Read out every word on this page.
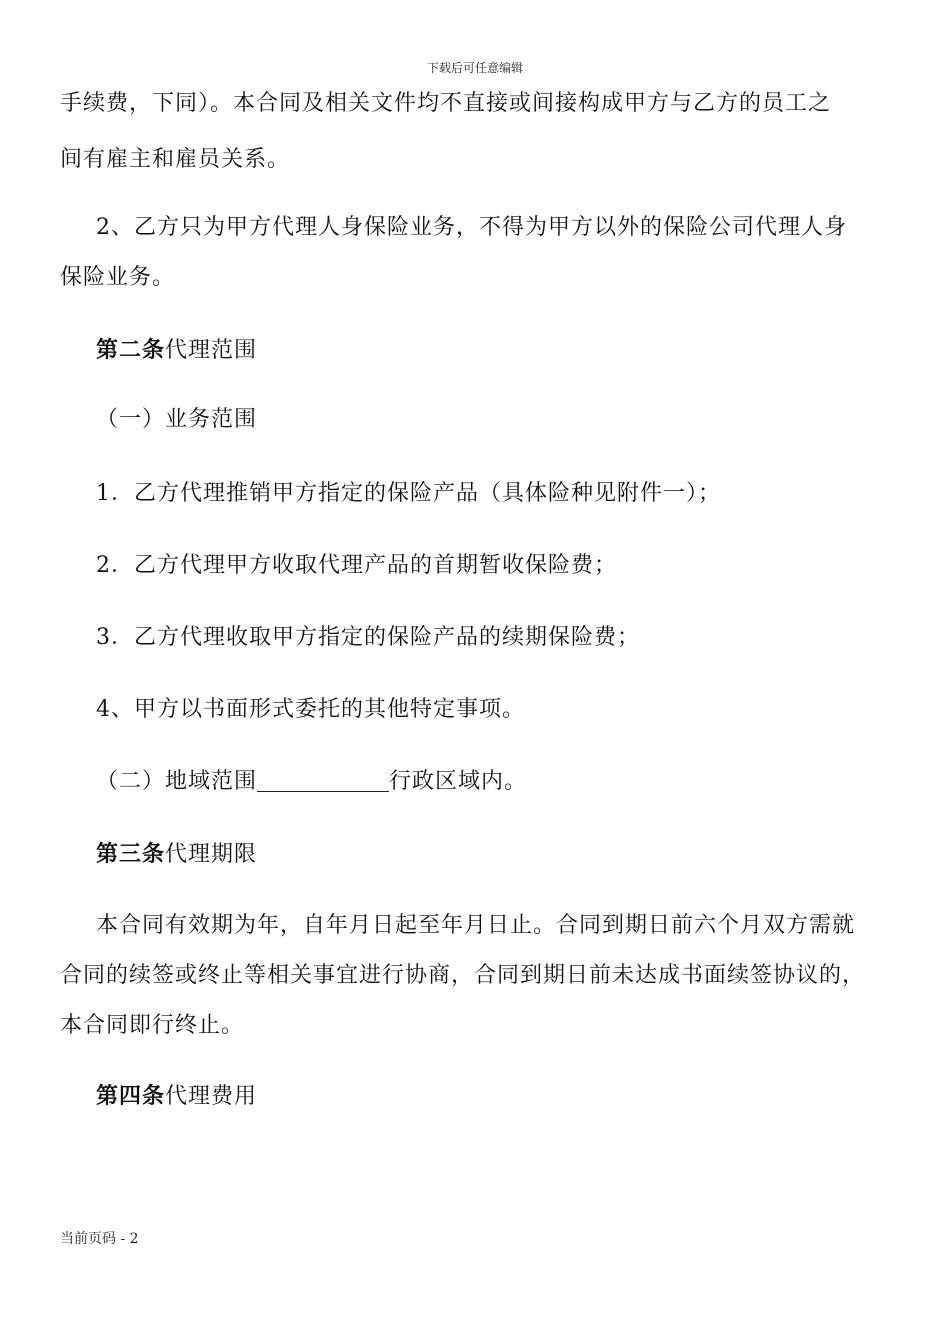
下载后可任意编辑

手续费，下同）。本合同及相关文件均不直接或间接构成甲方与乙方的员工之

间有雇主和雇员关系。

2、乙方只为甲方代理人身保险业务，不得为甲方以外的保险公司代理人身

保险业务。

第二条代理范围

（一）业务范围

1．乙方代理推销甲方指定的保险产品（具体险种见附件一）；

2．乙方代理甲方收取代理产品的首期暂收保险费；

3．乙方代理收取甲方指定的保险产品的续期保险费；

4、甲方以书面形式委托的其他特定事项。

（二）地域范围	行政区域内。

第三条代理期限

本合同有效期为年，自年月日起至年月日止。合同到期日前六个月双方需就

合同的续签或终止等相关事宜进行协商，合同到期日前未达成书面续签协议的，

本合同即行终止。

第四条代理费用

当前页码 - 2
